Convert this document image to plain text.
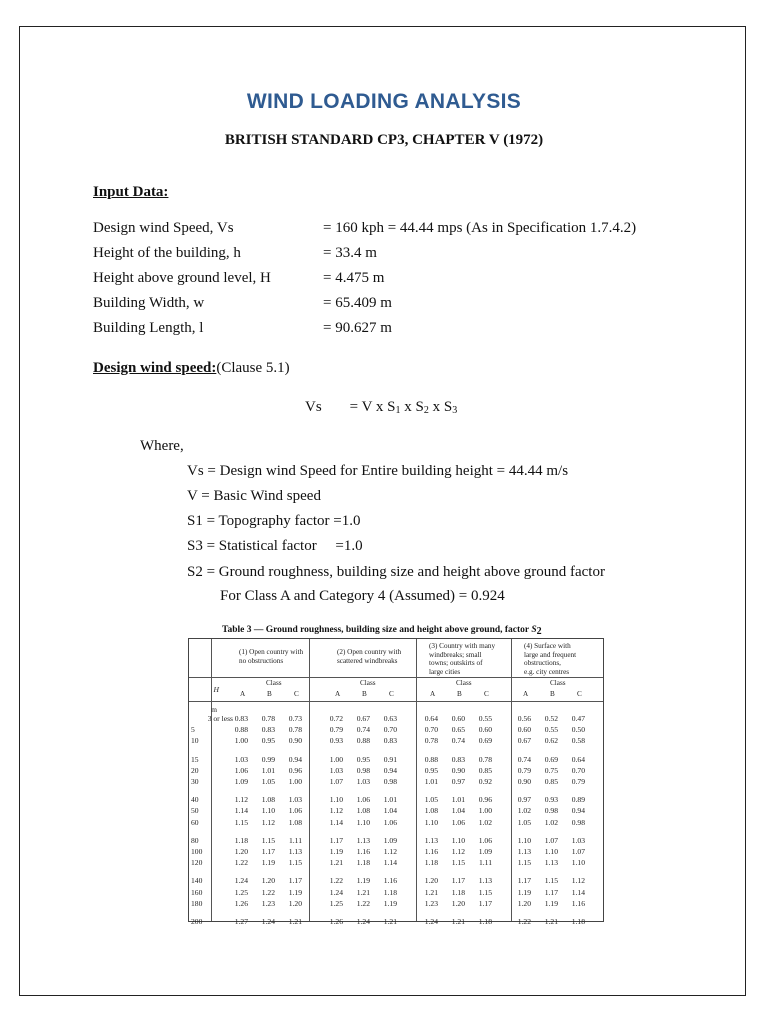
WIND LOADING ANALYSIS
BRITISH STANDARD CP3, CHAPTER V (1972)
Input Data:
Design wind Speed, Vs	= 160 kph = 44.44 mps (As in Specification 1.7.4.2)
Height of the building, h	= 33.4 m
Height above ground level, H	= 4.475 m
Building Width, w	= 65.409 m
Building Length, l	= 90.627 m
Design wind speed:(Clause 5.1)
Vs = V x $S_1$ x $S_2$ x $S_3$
Where,
Vs = Design wind Speed for Entire building height = 44.44 m/s
V = Basic Wind speed
S1 = Topography factor =1.0
S3 = Statistical factor     =1.0
S2 = Ground roughness, building size and height above ground factor
For Class A and Category 4 (Assumed) = 0.924
Table 3 — Ground roughness, building size and height above ground, factor $S_2$
(1) Open country with
no obstructions
(2) Open country with
scattered windbreaks
(3) Country with many
windbreaks; small
towns; outskirts of
large cities
(4) Surface with
large and frequent
obstructions,
e.g. city centres
Class	Class	Class	Class
H
m
A	B	C	A	B	C	A	B	C	A	B	C
3 or less 0.83	0.78	0.73	0.72	0.67	0.63	0.64	0.60	0.55	0.56	0.52	0.47
5	0.88	0.83	0.78	0.79	0.74	0.70	0.70	0.65	0.60	0.60	0.55	0.50
10	1.00	0.95	0.90	0.93	0.88	0.83	0.78	0.74	0.69	0.67	0.62	0.58
15	1.03	0.99	0.94	1.00	0.95	0.91	0.88	0.83	0.78	0.74	0.69	0.64
20	1.06	1.01	0.96	1.03	0.98	0.94	0.95	0.90	0.85	0.79	0.75	0.70
30	1.09	1.05	1.00	1.07	1.03	0.98	1.01	0.97	0.92	0.90	0.85	0.79
40	1.12	1.08	1.03	1.10	1.06	1.01	1.05	1.01	0.96	0.97	0.93	0.89
50	1.14	1.10	1.06	1.12	1.08	1.04	1.08	1.04	1.00	1.02	0.98	0.94
60	1.15	1.12	1.08	1.14	1.10	1.06	1.10	1.06	1.02	1.05	1.02	0.98
80	1.18	1.15	1.11	1.17	1.13	1.09	1.13	1.10	1.06	1.10	1.07	1.03
100	1.20	1.17	1.13	1.19	1.16	1.12	1.16	1.12	1.09	1.13	1.10	1.07
120	1.22	1.19	1.15	1.21	1.18	1.14	1.18	1.15	1.11	1.15	1.13	1.10
140	1.24	1.20	1.17	1.22	1.19	1.16	1.20	1.17	1.13	1.17	1.15	1.12
160	1.25	1.22	1.19	1.24	1.21	1.18	1.21	1.18	1.15	1.19	1.17	1.14
180	1.26	1.23	1.20	1.25	1.22	1.19	1.23	1.20	1.17	1.20	1.19	1.16
200	1.27	1.24	1.21	1.26	1.24	1.21	1.24	1.21	1.18	1.22	1.21	1.18
